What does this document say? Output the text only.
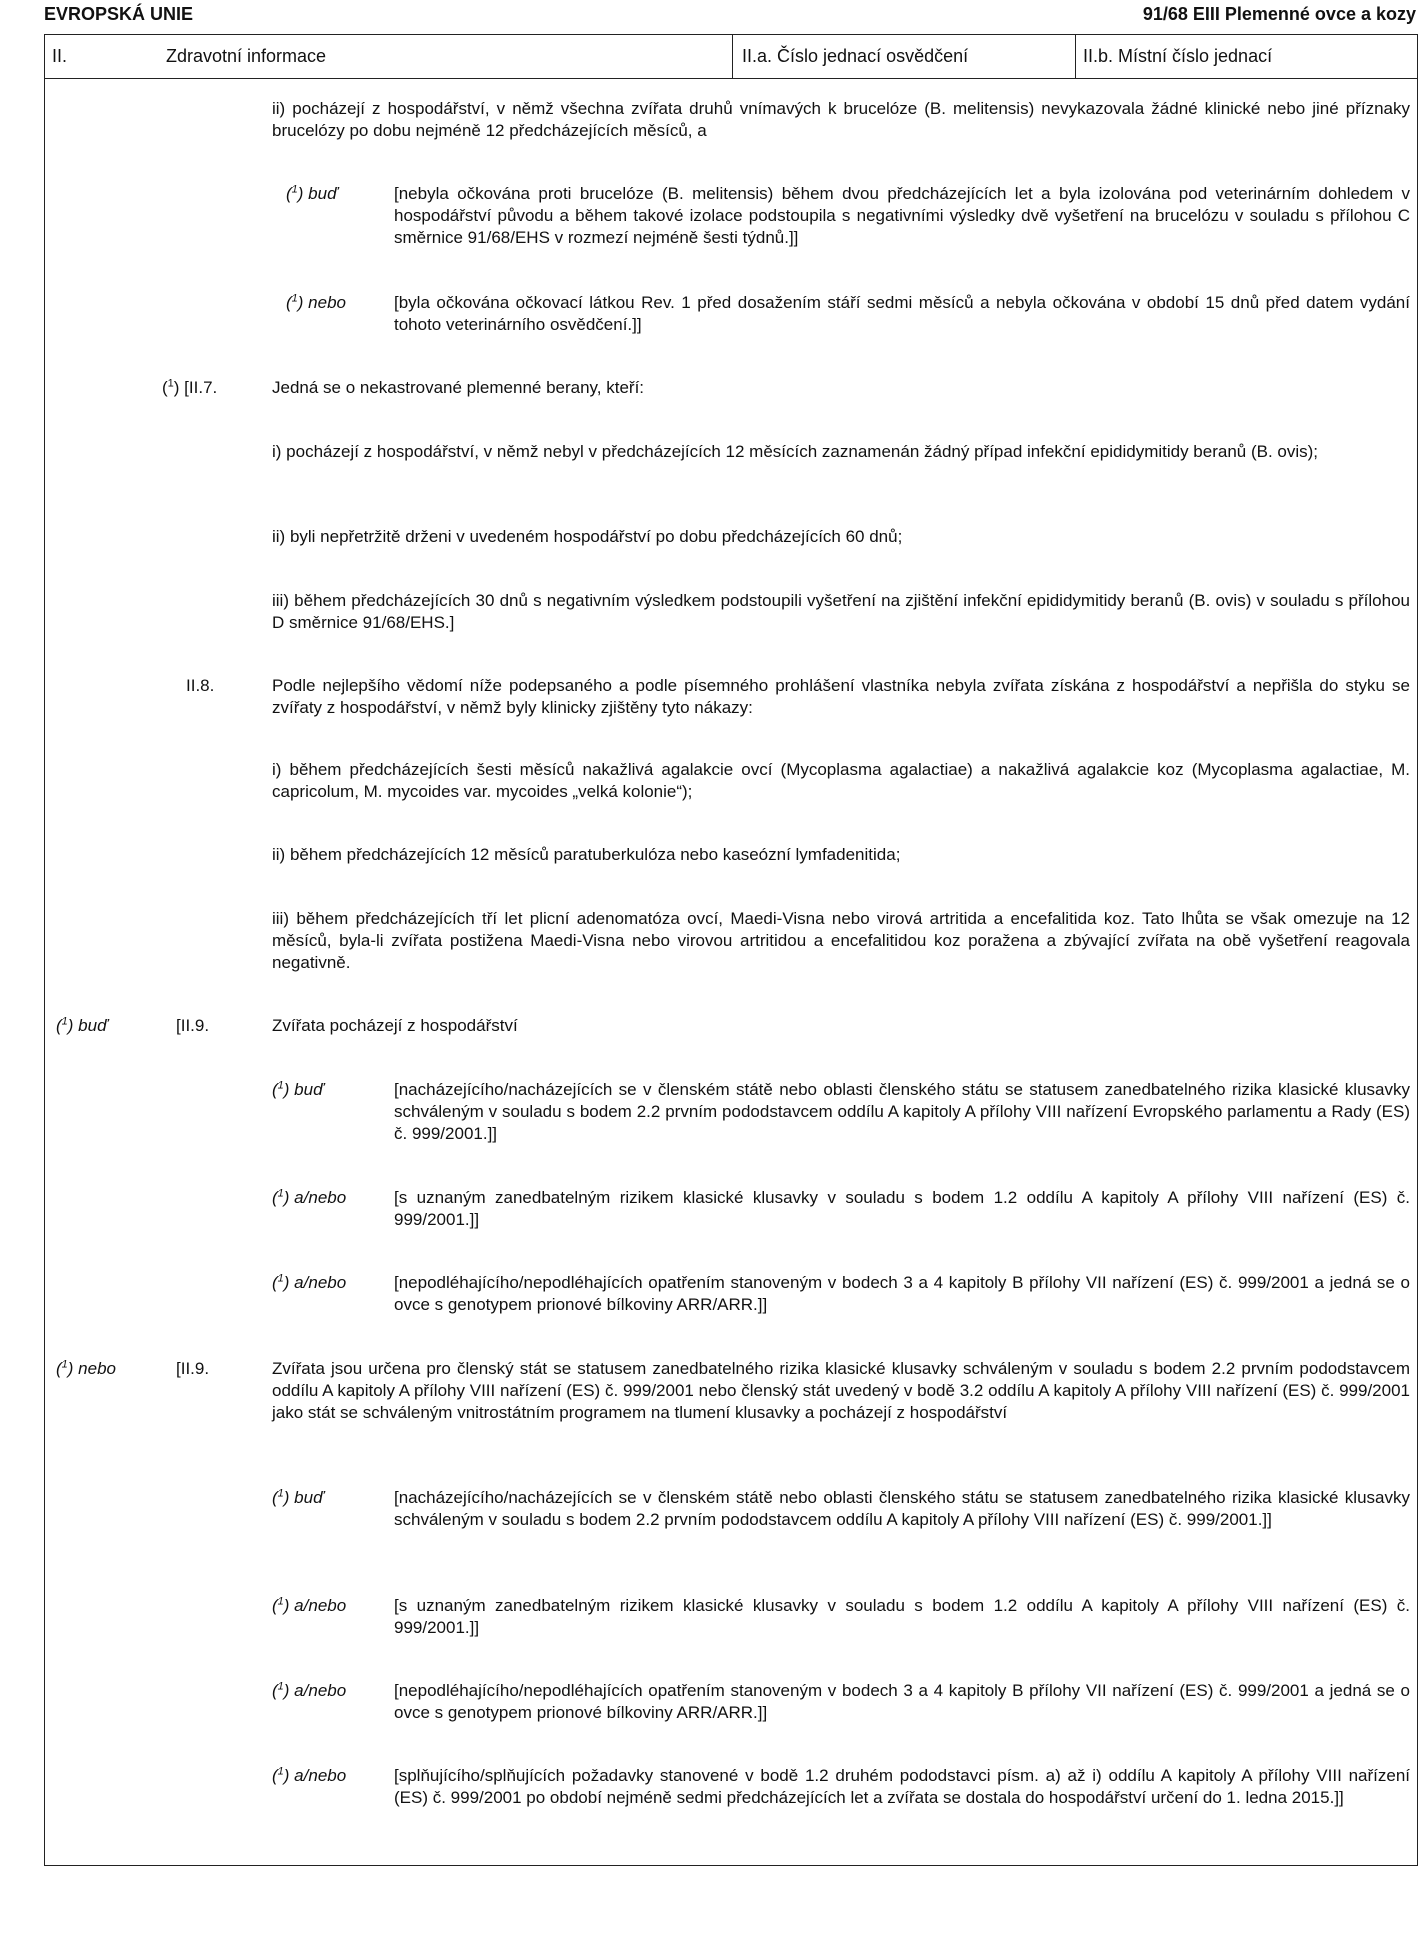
EVROPSKÁ UNIE	91/68 EIII Plemenné ovce a kozy
II.	Zdravotní informace	II.a. Číslo jednací osvědčení	II.b. Místní číslo jednací
ii) pocházejí z hospodářství, v němž všechna zvířata druhů vnímavých k brucelóze (B. melitensis) nevykazovala žádné klinické nebo jiné příznaky brucelózy po dobu nejméně 12 předcházejících měsíců, a
($^1$) buď	[nebyla očkována proti brucelóze (B. melitensis) během dvou předcházejících let a byla izolována pod veterinárním dohledem v hospodářství původu a během takové izolace podstoupila s negativními výsledky dvě vyšetření na brucelózu v souladu s přílohou C směrnice 91/68/EHS v rozmezí nejméně šesti týdnů.]]
($^1$) nebo	[byla očkována očkovací látkou Rev. 1 před dosažením stáří sedmi měsíců a nebyla očkována v období 15 dnů před datem vydání tohoto veterinárního osvědčení.]]
($^1$) [II.7.	Jedná se o nekastrované plemenné berany, kteří:
i) pocházejí z hospodářství, v němž nebyl v předcházejících 12 měsících zaznamenán žádný případ infekční epididymitidy beranů (B. ovis);
ii) byli nepřetržitě drženi v uvedeném hospodářství po dobu předcházejících 60 dnů;
iii) během předcházejících 30 dnů s negativním výsledkem podstoupili vyšetření na zjištění infekční epididymitidy beranů (B. ovis) v souladu s přílohou D směrnice 91/68/EHS.]
II.8.	Podle nejlepšího vědomí níže podepsaného a podle písemného prohlášení vlastníka nebyla zvířata získána z hospodářství a nepřišla do styku se zvířaty z hospodářství, v němž byly klinicky zjištěny tyto nákazy:
i) během předcházejících šesti měsíců nakažlivá agalakcie ovcí (Mycoplasma agalactiae) a nakažlivá agalakcie koz (Mycoplasma agalactiae, M. capricolum, M. mycoides var. mycoides „velká kolonie“);
ii) během předcházejících 12 měsíců paratuberkulóza nebo kaseózní lymfadenitida;
iii) během předcházejících tří let plicní adenomatóza ovcí, Maedi-Visna nebo virová artritida a encefalitida koz. Tato lhůta se však omezuje na 12 měsíců, byla-li zvířata postižena Maedi-Visna nebo virovou artritidou a encefalitidou koz poražena a zbývající zvířata na obě vyšetření reagovala negativně.
($^1$) buď	[II.9.	Zvířata pocházejí z hospodářství
($^1$) buď	[nacházejícího/nacházejících se v členském státě nebo oblasti členského státu se statusem zanedbatelného rizika klasické klusavky schváleným v souladu s bodem 2.2 prvním pododstavcem oddílu A kapitoly A přílohy VIII nařízení Evropského parlamentu a Rady (ES) č. 999/2001.]]
($^1$) a/nebo	[s uznaným zanedbatelným rizikem klasické klusavky v souladu s bodem 1.2 oddílu A kapitoly A přílohy VIII nařízení (ES) č. 999/2001.]]
($^1$) a/nebo	[nepodléhajícího/nepodléhajících opatřením stanoveným v bodech 3 a 4 kapitoly B přílohy VII nařízení (ES) č. 999/2001 a jedná se o ovce s genotypem prionové bílkoviny ARR/ARR.]]
($^1$) nebo	[II.9.	Zvířata jsou určena pro členský stát se statusem zanedbatelného rizika klasické klusavky schváleným v souladu s bodem 2.2 prvním pododstavcem oddílu A kapitoly A přílohy VIII nařízení (ES) č. 999/2001 nebo členský stát uvedený v bodě 3.2 oddílu A kapitoly A přílohy VIII nařízení (ES) č. 999/2001 jako stát se schváleným vnitrostátním programem na tlumení klusavky a pocházejí z hospodářství
($^1$) buď	[nacházejícího/nacházejících se v členském státě nebo oblasti členského státu se statusem zanedbatelného rizika klasické klusavky schváleným v souladu s bodem 2.2 prvním pododstavcem oddílu A kapitoly A přílohy VIII nařízení (ES) č. 999/2001.]]
($^1$) a/nebo	[s uznaným zanedbatelným rizikem klasické klusavky v souladu s bodem 1.2 oddílu A kapitoly A přílohy VIII nařízení (ES) č. 999/2001.]]
($^1$) a/nebo	[nepodléhajícího/nepodléhajících opatřením stanoveným v bodech 3 a 4 kapitoly B přílohy VII nařízení (ES) č. 999/2001 a jedná se o ovce s genotypem prionové bílkoviny ARR/ARR.]]
($^1$) a/nebo	[splňujícího/splňujících požadavky stanovené v bodě 1.2 druhém pododstavci písm. a) až i) oddílu A kapitoly A přílohy VIII nařízení (ES) č. 999/2001 po období nejméně sedmi předcházejících let a zvířata se dostala do hospodářství určení do 1. ledna 2015.]]
